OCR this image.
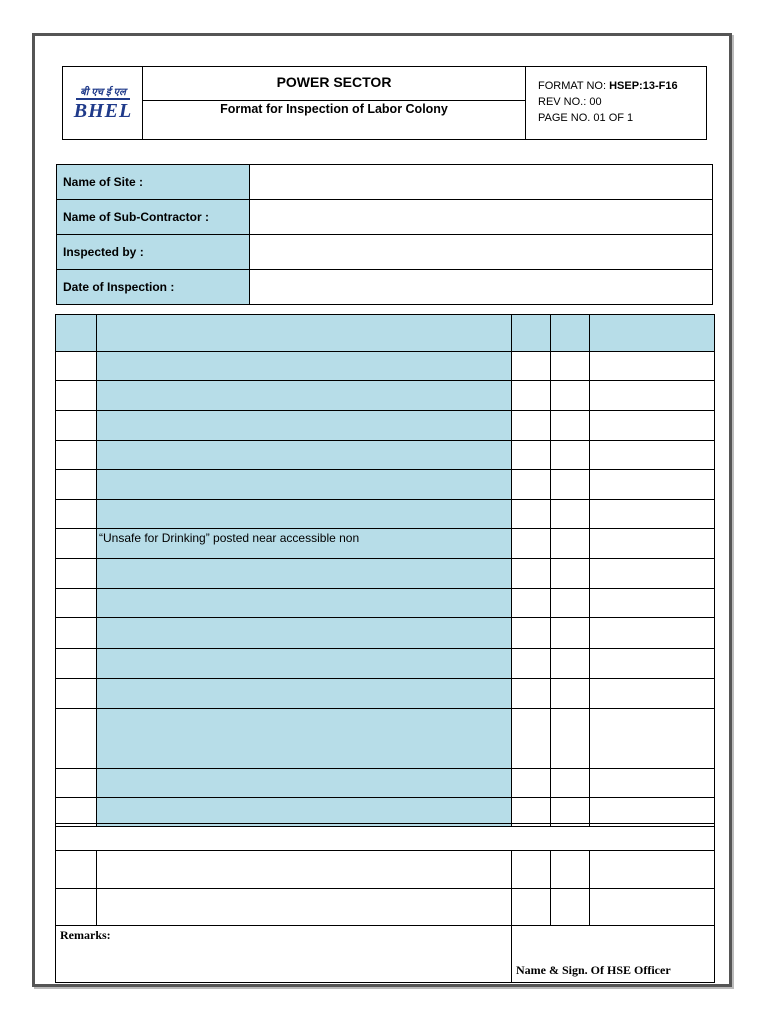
बी एच ई एल
BHEL
POWER SECTOR
Format for Inspection of Labor Colony
FORMAT NO: HSEP:13-F16
REV NO.: 00
PAGE NO. 01 OF 1
Name of Site :
Name of Sub-Contractor :
Inspected by :
Date of Inspection :
“Unsafe for Drinking” posted near accessible non
Remarks:
Name & Sign. Of HSE Officer
